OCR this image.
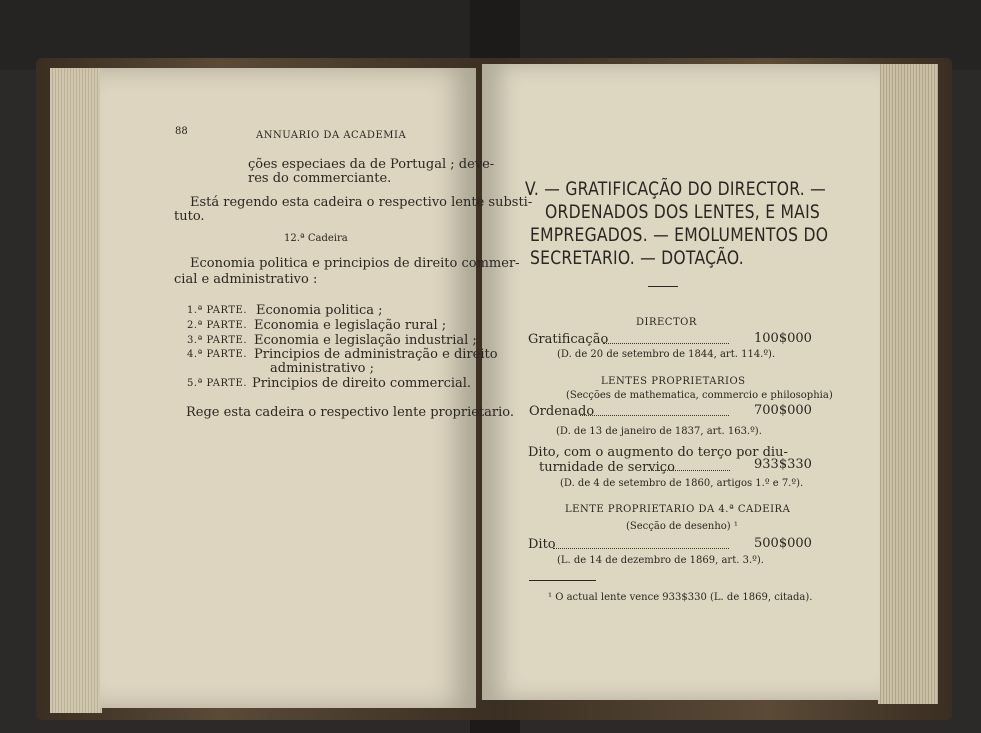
88	ANNUARIO DA ACADEMIA
ções especiaes da de Portugal ; deve-
res do commerciante.
Está regendo esta cadeira o respectivo lente substi-
tuto.
12.ª Cadeira
Economia politica e principios de direito commer-
cial e administrativo :
1.ª PARTE. Economia politica ;
2.ª PARTE. Economia e legislação rural ;
3.ª PARTE. Economia e legislação industrial ;
4.ª PARTE. Principios de administração e direito
administrativo ;
5.ª PARTE. Principios de direito commercial.
Rege esta cadeira o respectivo lente proprietario.
V. — GRATIFICAÇÃO DO DIRECTOR. —
ORDENADOS DOS LENTES, E MAIS
EMPREGADOS. — EMOLUMENTOS DO
SECRETARIO. — DOTAÇÃO.
DIRECTOR
Gratificação	100$000
(D. de 20 de setembro de 1844, art. 114.º).
LENTES PROPRIETARIOS
(Secções de mathematica, commercio e philosophia)
Ordenado	700$000
(D. de 13 de janeiro de 1837, art. 163.º).
Dito, com o augmento do terço por diu-
turnidade de serviço	933$330
(D. de 4 de setembro de 1860, artigos 1.º e 7.º).
LENTE PROPRIETARIO DA 4.ª CADEIRA
(Secção de desenho) ¹
Dito	500$000
(L. de 14 de dezembro de 1869, art. 3.º).
¹ O actual lente vence 933$330 (L. de 1869, citada).
